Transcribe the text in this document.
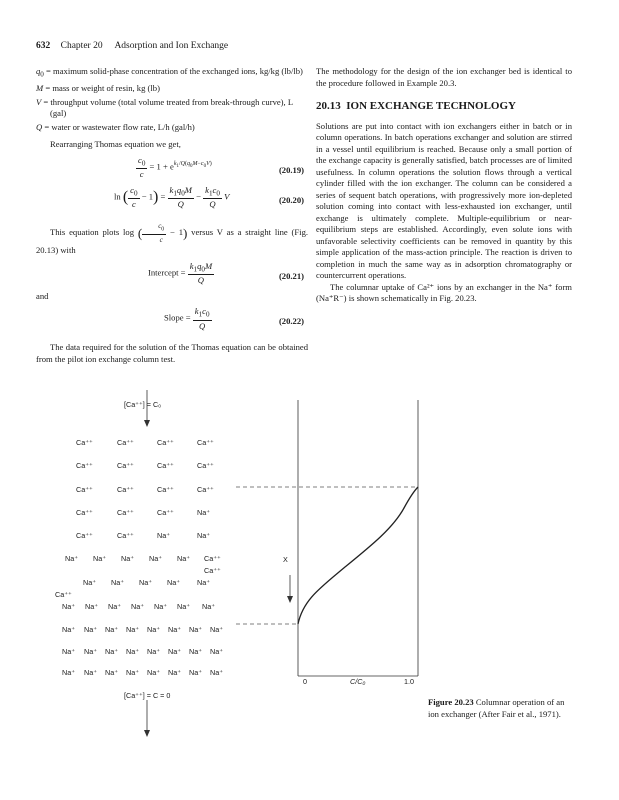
632 Chapter 20 Adsorption and Ion Exchange

$q_0$ = maximum solid-phase concentration of the exchanged ions, kg/kg (lb/lb)

M = mass or weight of resin, kg (lb)

V = throughput volume (total volume treated from break-through curve), L (gal)

Q = water or wastewater flow rate, L/h (gal/h)

Rearranging Thomas equation we get,

$\frac{c_0}{c} = 1 + e^{k_1/Q(q_0M-c_0V)}$
(20.19)
ln ( $\frac{c_0}{c} - 1) = \frac{k_1q_0M}{Q} - \frac{k_1c_0}{Q}$ V	(20.20)

This equation plots log ( $\frac{c_0}{c} - 1$) versus V as a straight line (Fig. 20.13) with

Intercept = $\frac{k_1q_0M}{Q}$	(20.21)

and

Slope = $\frac{k_1c_0}{Q}$	(20.22)

The data required for the solution of the Thomas equation can be obtained from the pilot ion exchange column test.

The methodology for the design of the ion exchanger bed is identical to the procedure followed in Example 20.3.

20.13 ION EXCHANGE TECHNOLOGY

Solutions are put into contact with ion exchangers either in batch or in column operations. In batch operations exchanger and solution are stirred in a vessel until equilibrium is reached. Because only a small portion of the exchange capacity is generally satisfied, batch processes are of limited usefulness. In column operations the solution flows through a vertical cylinder filled with the ion exchanger. The column can be considered a series of sequent batch operations, with progressively more ion-depleted solution coming into contact with less-exhausted ion exchanger, until exchange is ultimately complete. Multiple-equilibrium or near-equilibrium steps are established. Accordingly, even solute ions with unfavorable selectivity coefficients can be removed in quantity by this simple application of the mass-action principle. The reaction is driven to completion in much the same way as in adsorption chromatography or countercurrent operations.

The columnar uptake of Ca²⁺ ions by an exchanger in the Na⁺ form (Na⁺R⁻) is shown schematically in Fig. 20.23.

[Ca⁺⁺] = C₀
[Ca⁺⁺] = C = 0
X
0	C/C₀	1.0
Ca⁺⁺	Ca⁺⁺	Ca⁺⁺	Ca⁺⁺
Ca⁺⁺	Ca⁺⁺	Ca⁺⁺	Ca⁺⁺
Ca⁺⁺	Ca⁺⁺	Ca⁺⁺	Ca⁺⁺
Ca⁺⁺	Ca⁺⁺	Ca⁺⁺	Na⁺
Ca⁺⁺	Ca⁺⁺	Na⁺	Na⁺
Na⁺ Na⁺ Na⁺ Na⁺ Na⁺ Ca⁺⁺
Ca⁺⁺
Na⁺ Na⁺ Na⁺ Na⁺ Na⁺
Ca⁺⁺
Na⁺ Na⁺ Na⁺ Na⁺ Na⁺ Na⁺ Na⁺
Na⁺ Na⁺ Na⁺ Na⁺ Na⁺ Na⁺ Na⁺ Na⁺
Na⁺ Na⁺ Na⁺ Na⁺ Na⁺ Na⁺ Na⁺ Na⁺
Na⁺ Na⁺ Na⁺ Na⁺ Na⁺ Na⁺ Na⁺ Na⁺
Figure 20.23 Columnar operation of an ion exchanger (After Fair et al., 1971).
